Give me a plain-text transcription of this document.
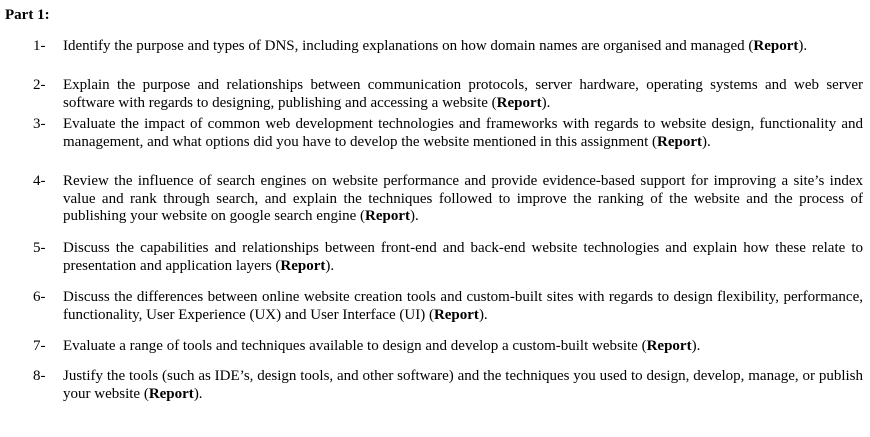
Part 1:
1- Identify the purpose and types of DNS, including explanations on how domain names are organised and managed (Report).
2- Explain the purpose and relationships between communication protocols, server hardware, operating systems and web server software with regards to designing, publishing and accessing a website (Report).
3- Evaluate the impact of common web development technologies and frameworks with regards to website design, functionality and management, and what options did you have to develop the website mentioned in this assignment (Report).
4- Review the influence of search engines on website performance and provide evidence-based support for improving a site’s index value and rank through search, and explain the techniques followed to improve the ranking of the website and the process of publishing your website on google search engine (Report).
5- Discuss the capabilities and relationships between front-end and back-end website technologies and explain how these relate to presentation and application layers (Report).
6- Discuss the differences between online website creation tools and custom-built sites with regards to design flexibility, performance, functionality, User Experience (UX) and User Interface (UI) (Report).
7- Evaluate a range of tools and techniques available to design and develop a custom-built website (Report).
8- Justify the tools (such as IDE’s, design tools, and other software) and the techniques you used to design, develop, manage, or publish your website (Report).
